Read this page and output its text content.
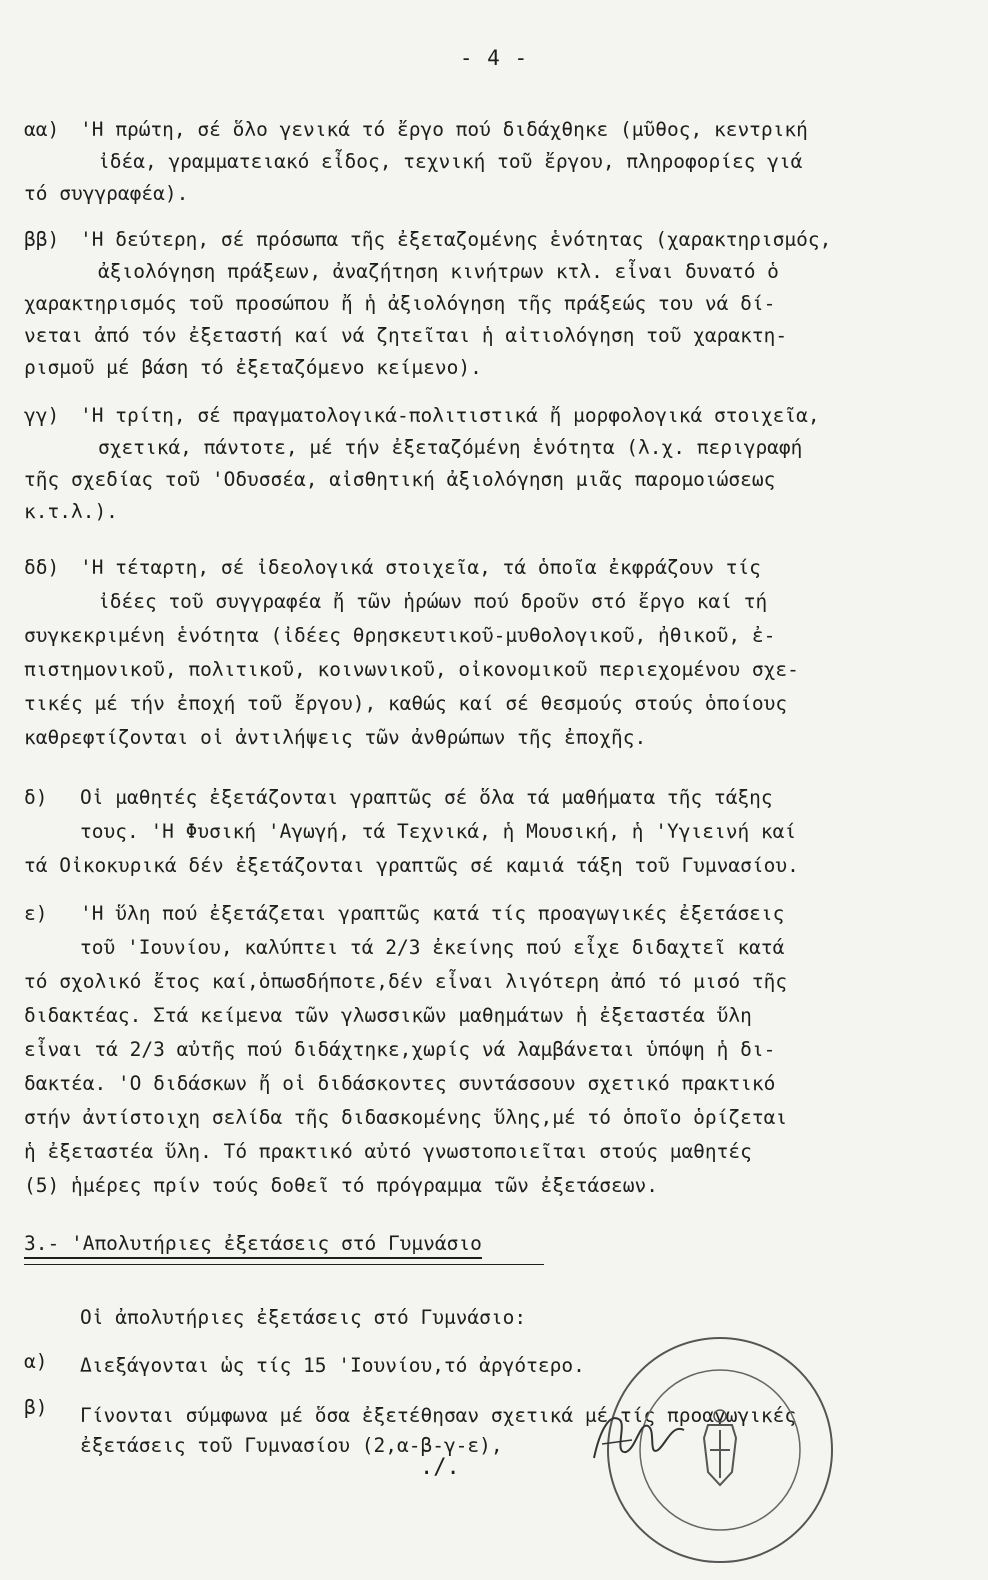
- 4 -
αα) 'Η πρώτη, σέ ὅλο γενικά τό ἔργο πού διδάχθηκε (μῦθος, κεντρική
ἰδέα, γραμματειακό εἶδος, τεχνική τοῦ ἔργου, πληροφορίες γιά
τό συγγραφέα).
ββ) 'Η δεύτερη, σέ πρόσωπα τῆς ἐξεταζομένης ἑνότητας (χαρακτηρισμός,
ἀξιολόγηση πράξεων, ἀναζήτηση κινήτρων κτλ. εἶναι δυνατό ὁ
χαρακτηρισμός τοῦ προσώπου ἤ ἡ ἀξιολόγηση τῆς πράξεώς του νά δί-
νεται ἀπό τόν ἐξεταστή καί νά ζητεῖται ἡ αἰτιολόγηση τοῦ χαρακτη-
ρισμοῦ μέ βάση τό ἐξεταζόμενο κείμενο).
γγ) 'Η τρίτη, σέ πραγματολογικά-πολιτιστικά ἤ μορφολογικά στοιχεῖα,
σχετικά, πάντοτε, μέ τήν ἐξεταζόμένη ἑνότητα (λ.χ. περιγραφή
τῆς σχεδίας τοῦ 'Οδυσσέα, αἰσθητική ἀξιολόγηση μιᾶς παρομοιώσεως
κ.τ.λ.).
δδ) 'Η τέταρτη, σέ ἰδεολογικά στοιχεῖα, τά ὁποῖα ἐκφράζουν τίς
ἰδέες τοῦ συγγραφέα ἤ τῶν ἡρώων πού δροῦν στό ἔργο καί τή
συγκεκριμένη ἑνότητα (ἰδέες θρησκευτικοῦ-μυθολογικοῦ, ἠθικοῦ, ἐ-
πιστημονικοῦ, πολιτικοῦ, κοινωνικοῦ, οἰκονομικοῦ περιεχομένου σχε-
τικές μέ τήν ἐποχή τοῦ ἔργου), καθώς καί σέ θεσμούς στούς ὁποίους
καθρεφτίζονται οἱ ἀντιλήψεις τῶν ἀνθρώπων τῆς ἐποχῆς.
δ) Οἱ μαθητές ἐξετάζονται γραπτῶς σέ ὅλα τά μαθήματα τῆς τάξης
τους. 'Η Φυσική 'Αγωγή, τά Τεχνικά, ἡ Μουσική, ἡ 'Υγιεινή καί
τά Οἰκοκυρικά δέν ἐξετάζονται γραπτῶς σέ καμιά τάξη τοῦ Γυμνασίου.
ε) 'Η ὕλη πού ἐξετάζεται γραπτῶς κατά τίς προαγωγικές ἐξετάσεις
τοῦ 'Ιουνίου, καλύπτει τά 2/3 ἐκείνης πού εἶχε διδαχτεῖ κατά
τό σχολικό ἔτος καί,ὁπωσδήποτε,δέν εἶναι λιγότερη ἀπό τό μισό τῆς
διδακτέας. Στά κείμενα τῶν γλωσσικῶν μαθημάτων ἡ ἐξεταστέα ὕλη
εἶναι τά 2/3 αὐτῆς πού διδάχτηκε,χωρίς νά λαμβάνεται ὑπόψη ἡ δι-
δακτέα. 'Ο διδάσκων ἤ οἱ διδάσκοντες συντάσσουν σχετικό πρακτικό
στήν ἀντίστοιχη σελίδα τῆς διδασκομένης ὕλης,μέ τό ὁποῖο ὁρίζεται
ἡ ἐξεταστέα ὕλη. Τό πρακτικό αὐτό γνωστοποιεῖται στούς μαθητές
(5) ἡμέρες πρίν τούς δοθεῖ τό πρόγραμμα τῶν ἐξετάσεων.
3.- 'Απολυτήριες ἐξετάσεις στό Γυμνάσιο
Οἱ ἀπολυτήριες ἐξετάσεις στό Γυμνάσιο:
α) Διεξάγονται ὡς τίς 15 'Ιουνίου,τό ἀργότερο.
β) Γίνονται σύμφωνα μέ ὅσα ἐξετέθησαν σχετικά μέ τίς προαγωγικές
ἐξετάσεις τοῦ Γυμνασίου (2,α-β-γ-ε),
./.
